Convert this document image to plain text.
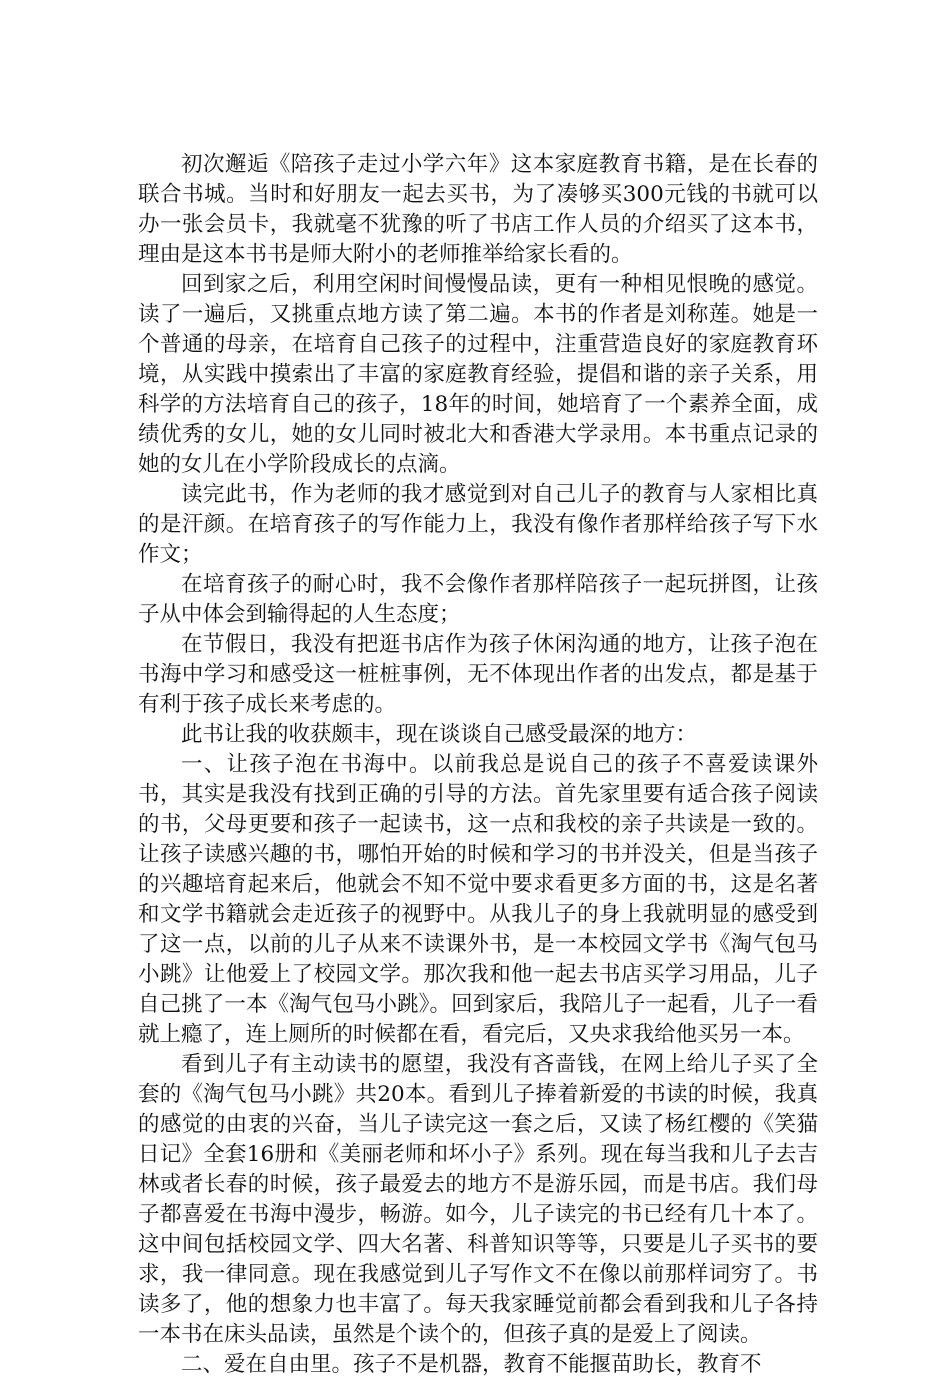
初次邂逅《陪孩子走过小学六年》这本家庭教育书籍，是在长春的联合书城。当时和好朋友一起去买书，为了凑够买300元钱的书就可以办一张会员卡，我就毫不犹豫的听了书店工作人员的介绍买了这本书，理由是这本书书是师大附小的老师推举给家长看的。

回到家之后，利用空闲时间慢慢品读，更有一种相见恨晚的感觉。读了一遍后，又挑重点地方读了第二遍。本书的作者是刘称莲。她是一个普通的母亲，在培育自己孩子的过程中，注重营造良好的家庭教育环境，从实践中摸索出了丰富的家庭教育经验，提倡和谐的亲子关系，用科学的方法培育自己的孩子，18年的时间，她培育了一个素养全面，成绩优秀的女儿，她的女儿同时被北大和香港大学录用。本书重点记录的她的女儿在小学阶段成长的点滴。

读完此书，作为老师的我才感觉到对自己儿子的教育与人家相比真的是汗颜。在培育孩子的写作能力上，我没有像作者那样给孩子写下水作文；

在培育孩子的耐心时，我不会像作者那样陪孩子一起玩拼图，让孩子从中体会到输得起的人生态度；

在节假日，我没有把逛书店作为孩子休闲沟通的地方，让孩子泡在书海中学习和感受这一桩桩事例，无不体现出作者的出发点，都是基于有利于孩子成长来考虑的。

此书让我的收获颇丰，现在谈谈自己感受最深的地方：

一、让孩子泡在书海中。以前我总是说自己的孩子不喜爱读课外书，其实是我没有找到正确的引导的方法。首先家里要有适合孩子阅读的书，父母更要和孩子一起读书，这一点和我校的亲子共读是一致的。让孩子读感兴趣的书，哪怕开始的时候和学习的书并没关，但是当孩子的兴趣培育起来后，他就会不知不觉中要求看更多方面的书，这是名著和文学书籍就会走近孩子的视野中。从我儿子的身上我就明显的感受到了这一点，以前的儿子从来不读课外书，是一本校园文学书《淘气包马小跳》让他爱上了校园文学。那次我和他一起去书店买学习用品，儿子自己挑了一本《淘气包马小跳》。回到家后，我陪儿子一起看，儿子一看就上瘾了，连上厕所的时候都在看，看完后，又央求我给他买另一本。

看到儿子有主动读书的愿望，我没有吝啬钱，在网上给儿子买了全套的《淘气包马小跳》共20本。看到儿子捧着新爱的书读的时候，我真的感觉的由衷的兴奋，当儿子读完这一套之后，又读了杨红樱的《笑猫日记》全套16册和《美丽老师和坏小子》系列。现在每当我和儿子去吉林或者长春的时候，孩子最爱去的地方不是游乐园，而是书店。我们母子都喜爱在书海中漫步，畅游。如今，儿子读完的书已经有几十本了。这中间包括校园文学、四大名著、科普知识等等，只要是儿子买书的要求，我一律同意。现在我感觉到儿子写作文不在像以前那样词穷了。书读多了，他的想象力也丰富了。每天我家睡觉前都会看到我和儿子各持一本书在床头品读，虽然是个读个的，但孩子真的是爱上了阅读。

二、爱在自由里。孩子不是机器，教育不能揠苗助长，教育不
